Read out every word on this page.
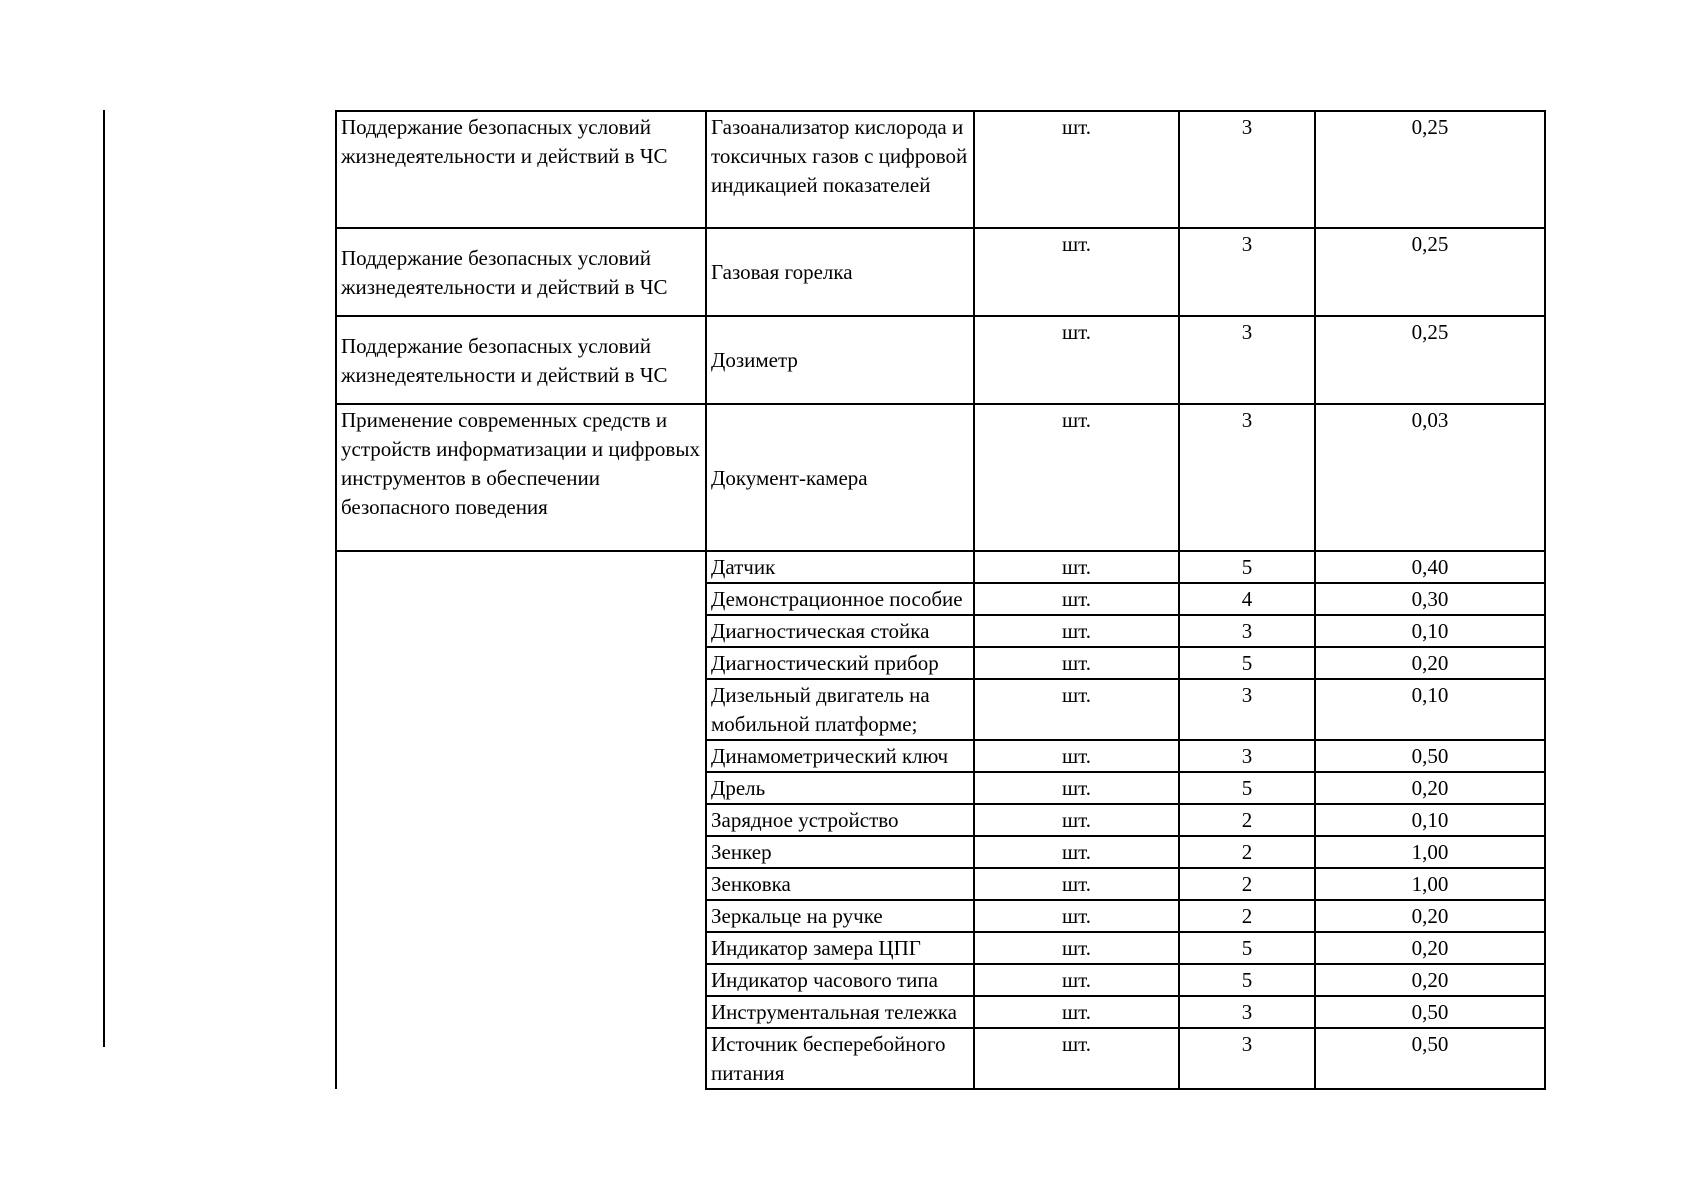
Поддержание безопасных условий жизнедеятельности и действий в ЧС	Газоанализатор кислорода и токсичных газов с цифровой индикацией показателей	шт.	3	0,25
Поддержание безопасных условий жизнедеятельности и действий в ЧС	Газовая горелка	шт.	3	0,25
Поддержание безопасных условий жизнедеятельности и действий в ЧС	Дозиметр	шт.	3	0,25
Применение современных средств и устройств информатизации и цифровых инструментов в обеспечении безопасного поведения	Документ-камера	шт.	3	0,03
	Датчик	шт.	5	0,40
	Демонстрационное пособие	шт.	4	0,30
	Диагностическая стойка	шт.	3	0,10
	Диагностический прибор	шт.	5	0,20
	Дизельный двигатель на мобильной платформе;	шт.	3	0,10
	Динамометрический ключ	шт.	3	0,50
	Дрель	шт.	5	0,20
	Зарядное устройство	шт.	2	0,10
	Зенкер	шт.	2	1,00
	Зенковка	шт.	2	1,00
	Зеркальце на ручке	шт.	2	0,20
	Индикатор замера ЦПГ	шт.	5	0,20
	Индикатор часового типа	шт.	5	0,20
	Инструментальная тележка	шт.	3	0,50
	Источник бесперебойного питания	шт.	3	0,50
